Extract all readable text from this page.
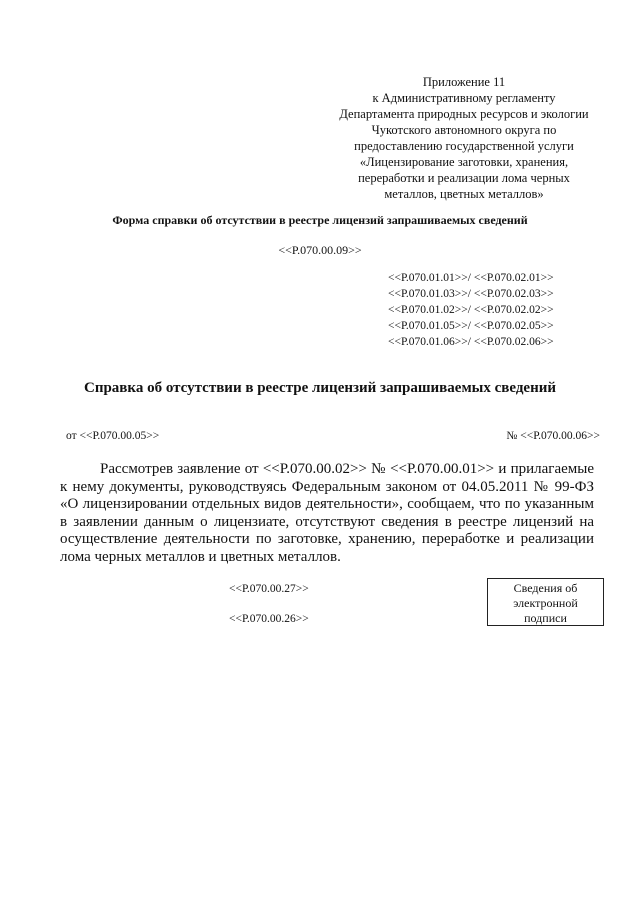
Приложение 11
к Административному регламенту
Департамента природных ресурсов и экологии
Чукотского автономного округа по
предоставлению государственной услуги
«Лицензирование заготовки, хранения,
переработки и реализации лома черных
металлов, цветных металлов»
Форма справки об отсутствии в реестре лицензий запрашиваемых сведений
<<Р.070.00.09>>
<<Р.070.01.01>>/ <<Р.070.02.01>>
<<Р.070.01.03>>/ <<Р.070.02.03>>
<<Р.070.01.02>>/ <<Р.070.02.02>>
<<Р.070.01.05>>/ <<Р.070.02.05>>
<<Р.070.01.06>>/ <<Р.070.02.06>>
Справка об отсутствии в реестре лицензий запрашиваемых сведений
от <<Р.070.00.05>>	№ <<Р.070.00.06>>
Рассмотрев заявление от <<Р.070.00.02>> № <<Р.070.00.01>> и прилагаемые к нему документы, руководствуясь Федеральным законом от 04.05.2011 № 99-ФЗ «О лицензировании отдельных видов деятельности», сообщаем, что по указанным в заявлении данным о лицензиате, отсутствуют сведения в реестре лицензий на осуществление деятельности по заготовке, хранению, переработке и реализации лома черных металлов и цветных металлов.
<<Р.070.00.27>>
<<Р.070.00.26>>
Сведения об
электронной
подписи
